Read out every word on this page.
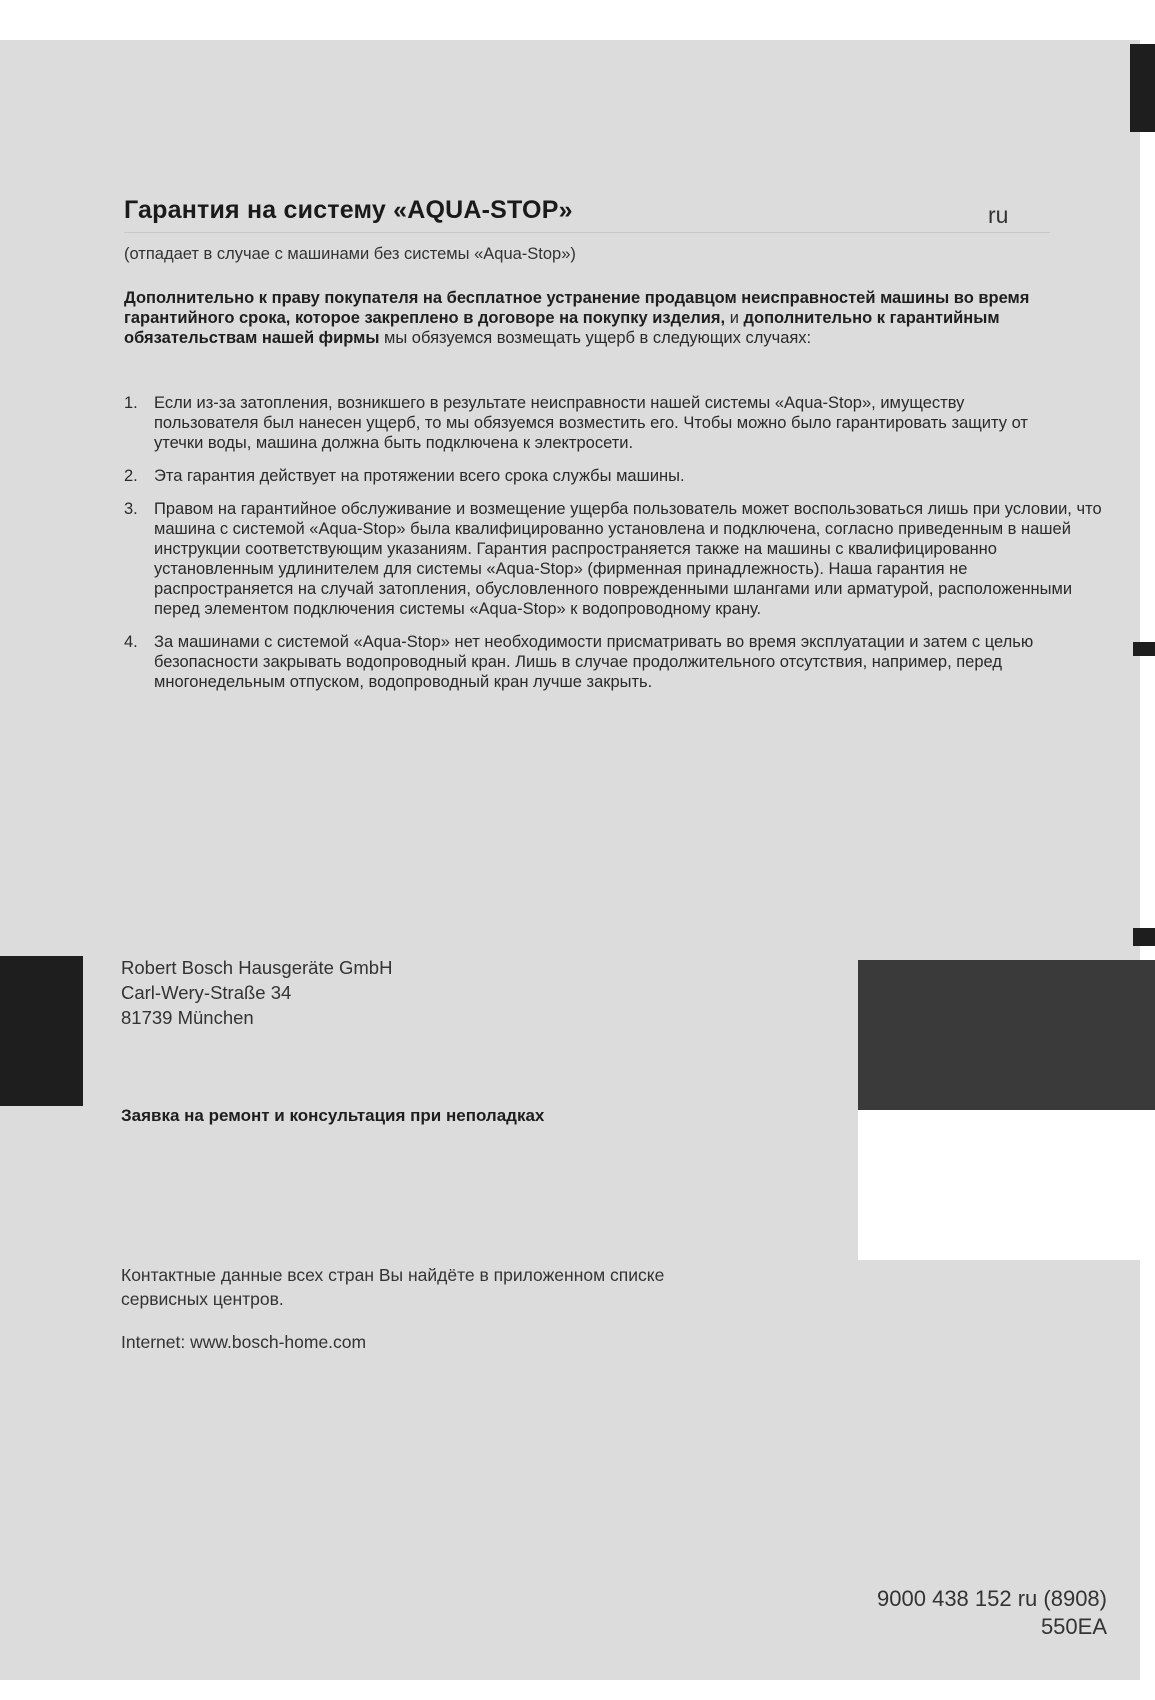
Гарантия на систему «AQUA-STOP»	ru
(отпадает в случае с машинами без системы «Aqua-Stop»)

Дополнительно к праву покупателя на бесплатное устранение продавцом неисправностей машины во время гарантийного срока, которое закреплено в договоре на покупку изделия, и дополнительно к гарантийным обязательствам нашей фирмы мы обязуемся возмещать ущерб в следующих случаях:

1. Если из-за затопления, возникшего в результате неисправности нашей системы «Aqua-Stop», имуществу пользователя был нанесен ущерб, то мы обязуемся возместить его. Чтобы можно было гарантировать защиту от утечки воды, машина должна быть подключена к электросети.
2. Эта гарантия действует на протяжении всего срока службы машины.
3. Правом на гарантийное обслуживание и возмещение ущерба пользователь может воспользоваться лишь при условии, что машина с системой «Aqua-Stop» была квалифицированно установлена и подключена, согласно приведенным в нашей инструкции соответствующим указаниям. Гарантия распространяется также на машины с квалифицированно установленным удлинителем для системы «Aqua-Stop» (фирменная принадлежность). Наша гарантия не распространяется на случай затопления, обусловленного поврежденными шлангами или арматурой, расположенными перед элементом подключения системы «Aqua-Stop» к водопроводному крану.
4. За машинами с системой «Aqua-Stop» нет необходимости присматривать во время эксплуатации и затем с целью безопасности закрывать водопроводный кран. Лишь в случае продолжительного отсутствия, например, перед многонедельным отпуском, водопроводный кран лучше закрыть.
Robert Bosch Hausgeräte GmbH
Carl-Wery-Straße 34
81739 München
Заявка на ремонт и консультация при неполадках
Контактные данные всех стран Вы найдёте в приложенном списке сервисных центров.
Internet: www.bosch-home.com
9000 438 152 ru (8908)
550EA
